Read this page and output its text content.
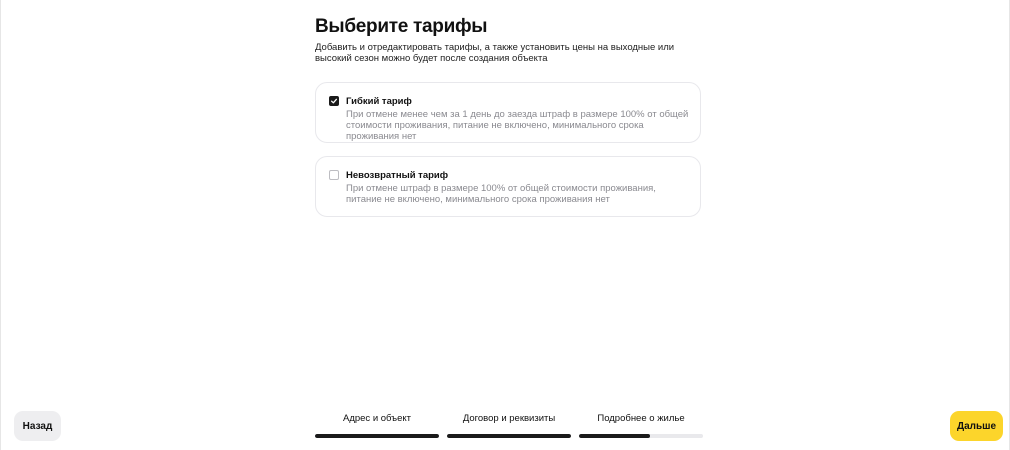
Выберите тарифы
Добавить и отредактировать тарифы, а также установить цены на выходные или высокий сезон можно будет после создания объекта
Гибкий тариф
При отмене менее чем за 1 день до заезда штраф в размере 100% от общей стоимости проживания, питание не включено, минимального срока проживания нет
Невозвратный тариф
При отмене штраф в размере 100% от общей стоимости проживания, питание не включено, минимального срока проживания нет
Назад
Адрес и объект	Договор и реквизиты	Подробнее о жилье
Дальше
